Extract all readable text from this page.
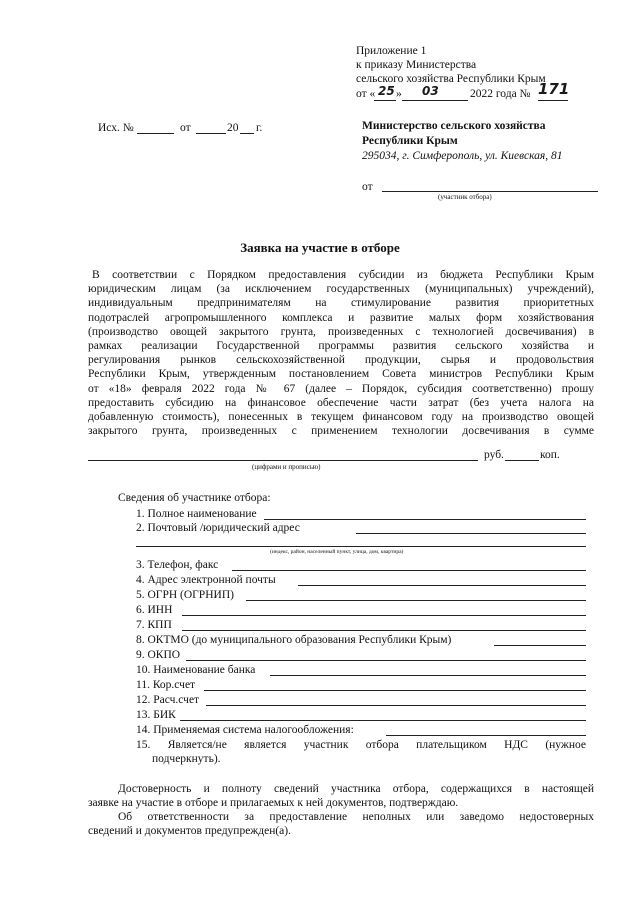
Приложение 1
к приказу Министерства
сельского хозяйства Республики Крым
от « 25 » 03	2022 года № 171
Исх. №	от	20 г.	Министерство сельского хозяйства
Республики Крым
295034, г. Симферополь, ул. Киевская, 81
от
(участник отбора)
Заявка на участие в отборе
В соответствии с Порядком предоставления субсидии из бюджета Республики Крым
юридическим лицам (за исключением государственных (муниципальных) учреждений),
индивидуальным предпринимателям на стимулирование развития приоритетных
подотраслей агропромышленного комплекса и развитие малых форм хозяйствования
(производство овощей закрытого грунта, произведенных с технологией досвечивания) в
рамках реализации Государственной программы развития сельского хозяйства и
регулирования рынков сельскохозяйственной продукции, сырья и продовольствия
Республики Крым, утвержденным постановлением Совета министров Республики Крым
от «18» февраля 2022 года № 67 (далее – Порядок, субсидия соответственно) прошу
предоставить субсидию на финансовое обеспечение части затрат (без учета налога на
добавленную стоимость), понесенных в текущем финансовом году на производство овощей
закрытого грунта, произведенных с применением технологии досвечивания в сумме
руб.	коп.
(цифрами и прописью)
Сведения об участнике отбора:
1. Полное наименование
2. Почтовый /юридический адрес
(индекс, район, населенный пункт, улица, дом, квартира)
3. Телефон, факс
4. Адрес электронной почты
5. ОГРН (ОГРНИП)
6. ИНН
7. КПП
8. ОКТМО (до муниципального образования Республики Крым)
9. ОКПО
10. Наименование банка
11. Кор.счет
12. Расч.счет
13. БИК
14. Применяемая система налогообложения:
15. Является/не является участник отбора плательщиком НДС (нужное
подчеркнуть).
Достоверность и полноту сведений участника отбора, содержащихся в настоящей
заявке на участие в отборе и прилагаемых к ней документов, подтверждаю.
Об ответственности за предоставление неполных или заведомо недостоверных
сведений и документов предупрежден(а).
